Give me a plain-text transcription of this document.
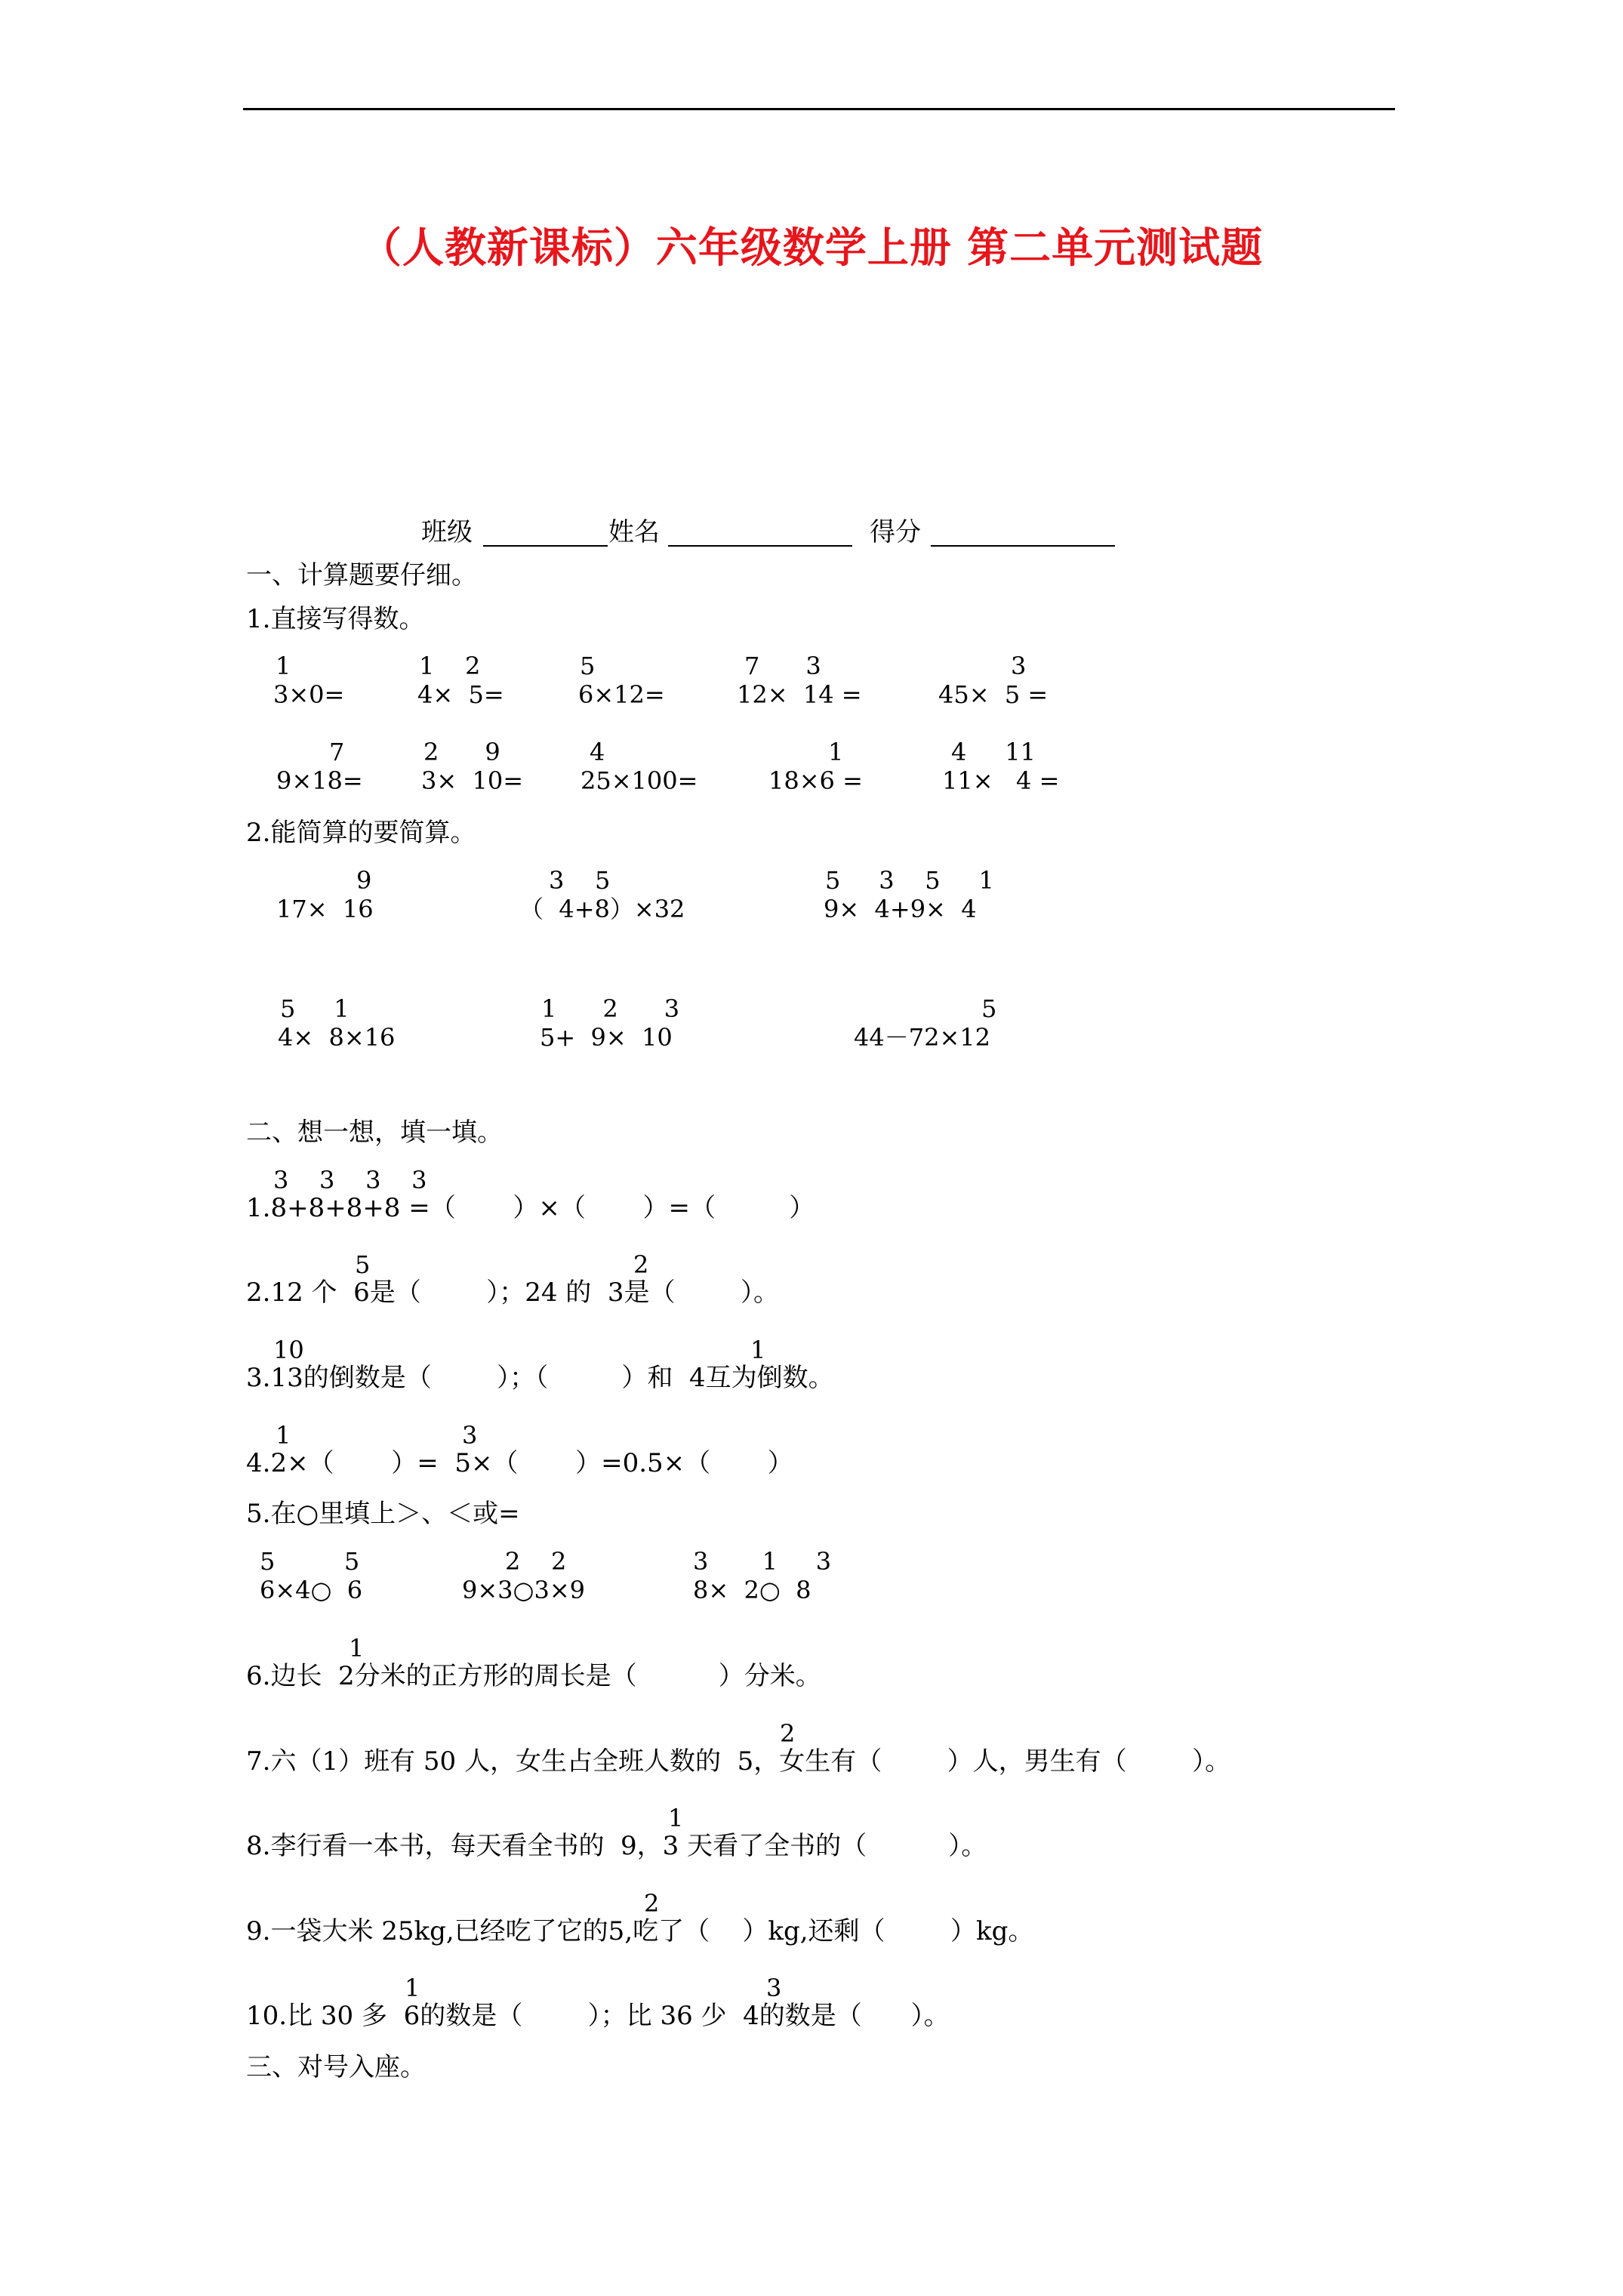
（人教新课标）六年级数学上册 第二单元测试题
班级	姓名	得分
一、计算题要仔细。
1.直接写得数。
1
3×0=
1    2
4×  5=
5
6×12=
7      3
12×  14 =
3
45×  5 =
7
9×18=
2      9
3×  10=
4
25×100=
1
18×6 =
4     11
11×   4 =
2.能简算的要简算。
9
17×  16
3    5
（  4+8）×32
5     3    5     1
9×  4+9×  4
5     1
4×  8×16
1      2      3
5+  9×  10
5
44－72×12
二、想一想，填一填。
3    3    3    3
1.8+8+8+8 =（       ）×（       ）=（         ）
5	2
2.12 个  6是（        ）；24 的  3是（        ）。
10	1
3.13的倒数是（        ）；（         ）和  4互为倒数。
1	3
4.2×（       ）=  5×（       ）=0.5×（       ）
5.在○里填上＞、＜或=
5         5
6×4○  6
2    2
9×3○3×9
3       1     3
8×  2○  8
1
6.边长  2分米的正方形的周长是（          ）分米。
2
7.六（1）班有 50 人，女生占全班人数的  5，女生有（        ）人，男生有（        ）。
1
8.李行看一本书，每天看全书的  9，3 天看了全书的（          ）。
2
9.一袋大米 25kg,已经吃了它的5,吃了（    ）kg,还剩（        ）kg。
1	3
10.比 30 多  6的数是（        ）；比 36 少  4的数是（      ）。
三、对号入座。
